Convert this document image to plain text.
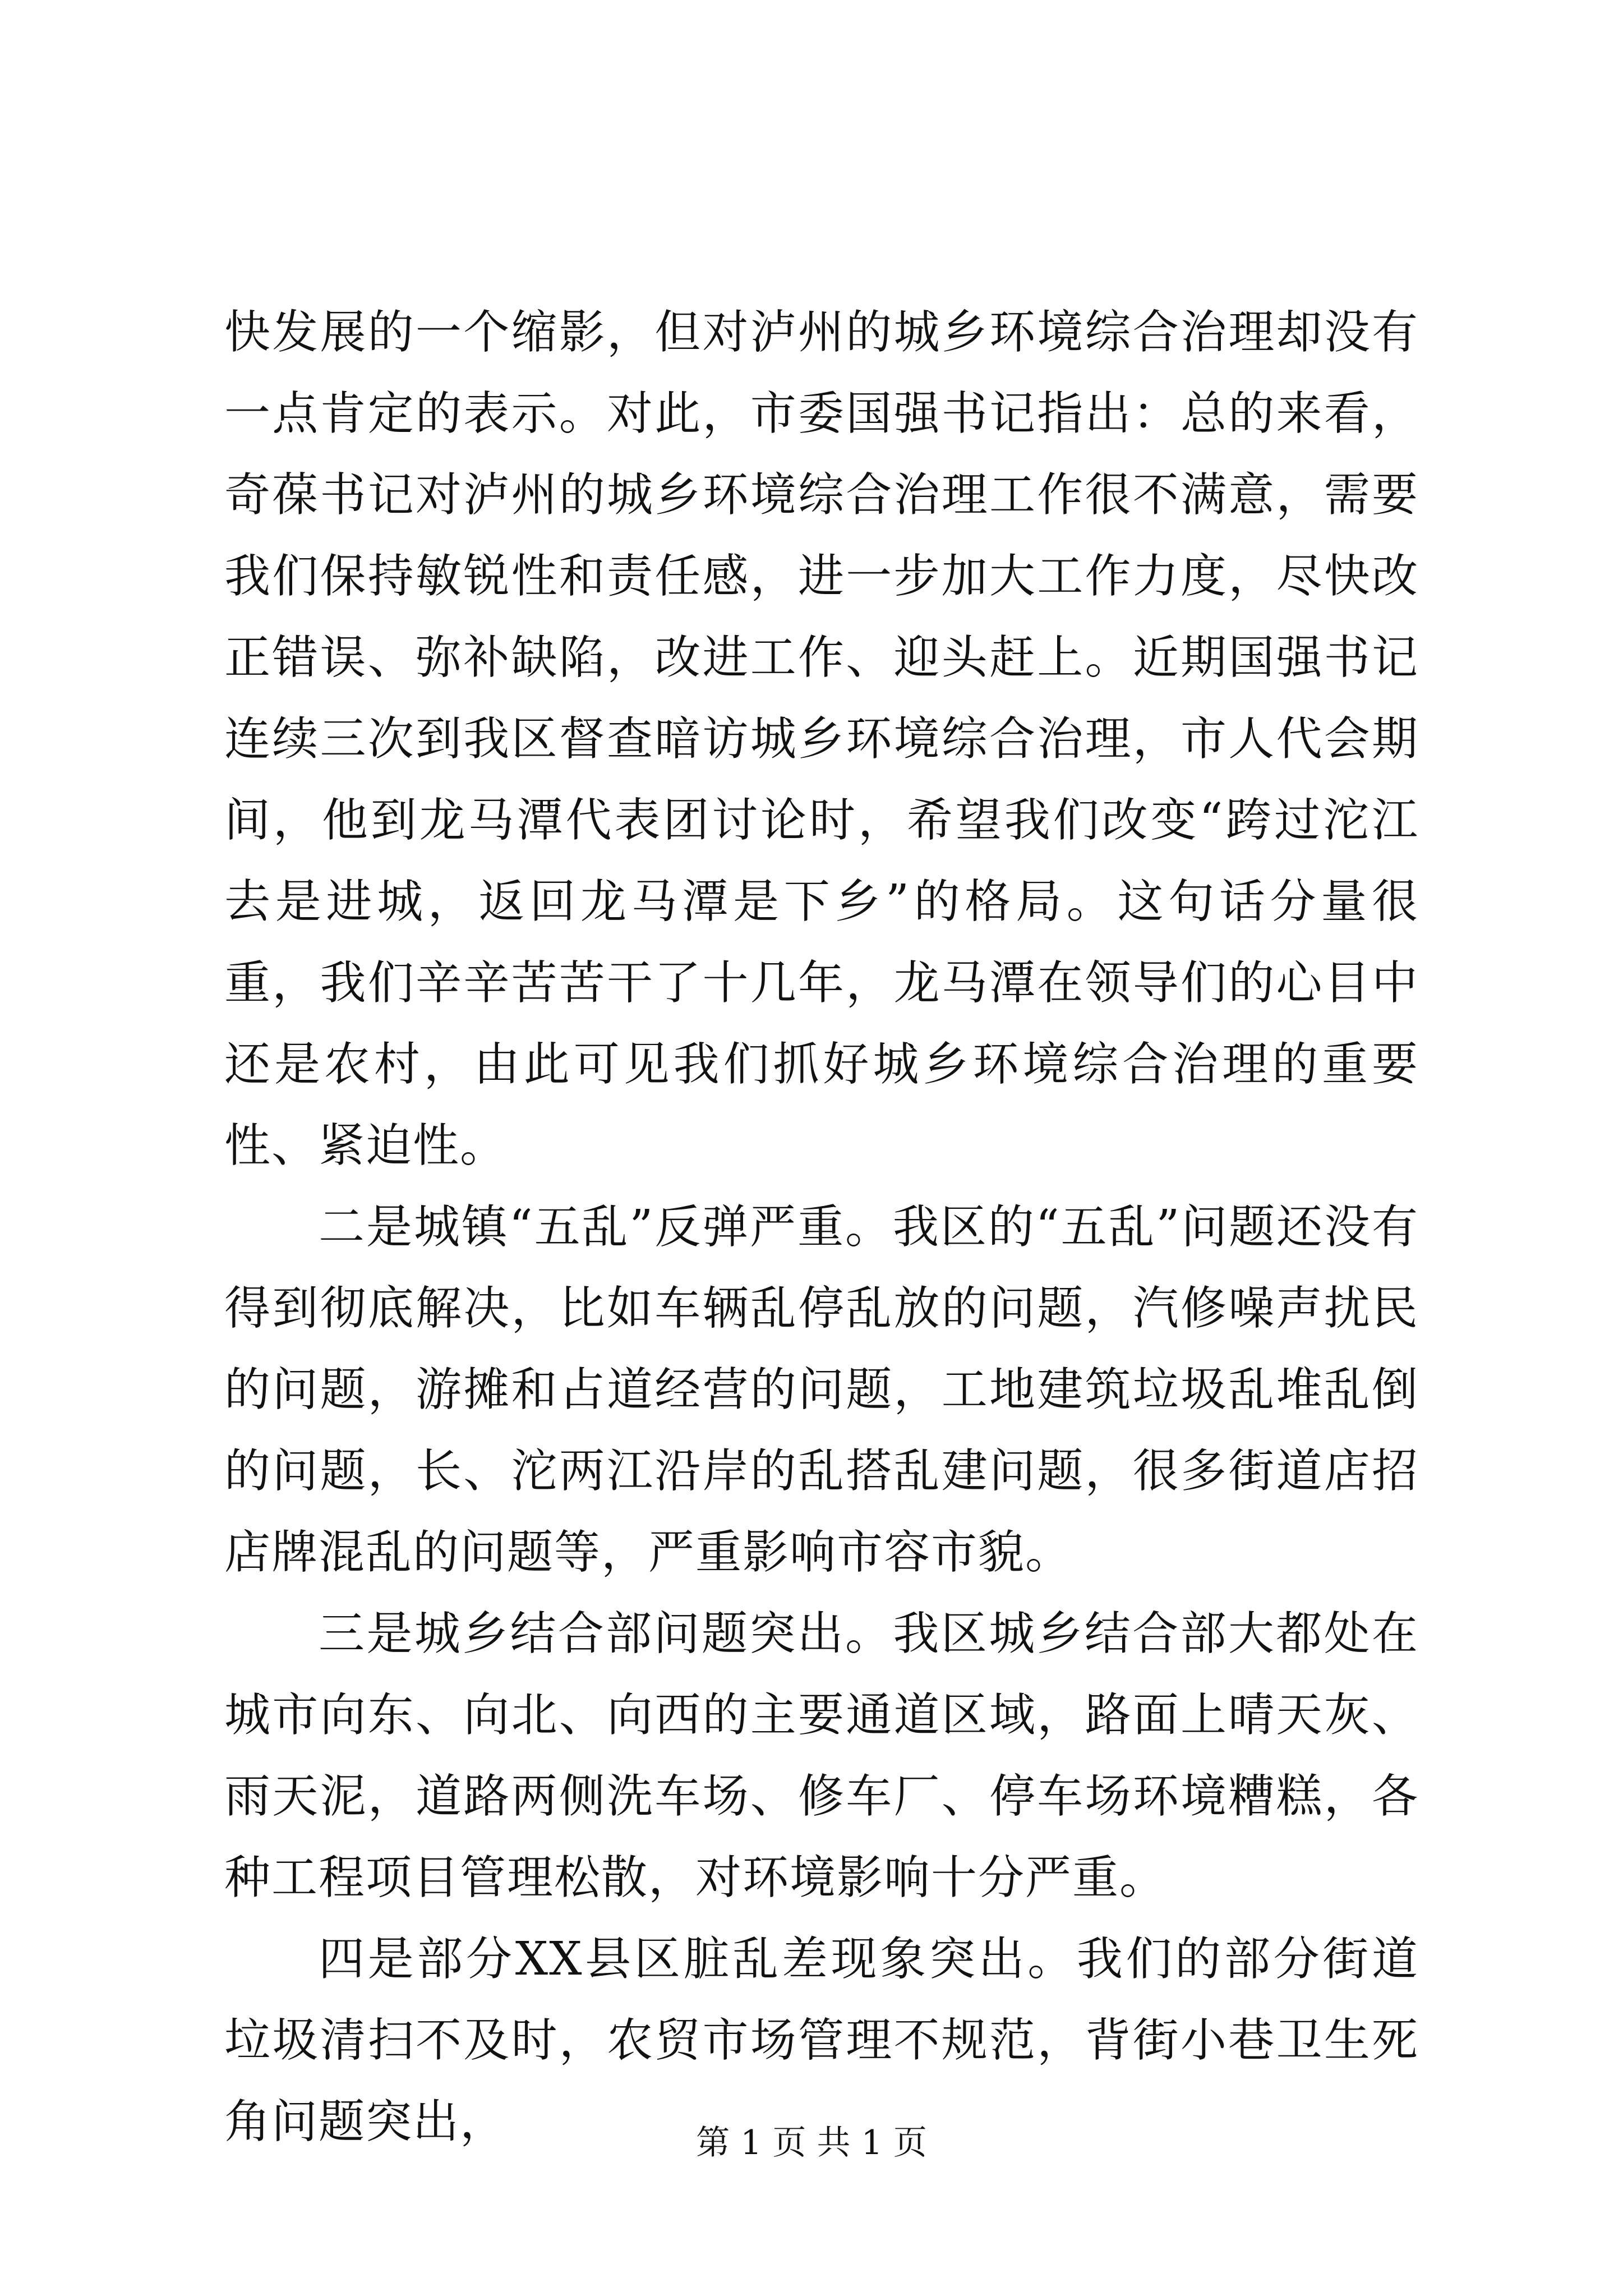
快发展的一个缩影，但对泸州的城乡环境综合治理却没有一点肯定的表示。对此，市委国强书记指出：总的来看，奇葆书记对泸州的城乡环境综合治理工作很不满意，需要我们保持敏锐性和责任感，进一步加大工作力度，尽快改正错误、弥补缺陷，改进工作、迎头赶上。近期国强书记连续三次到我区督查暗访城乡环境综合治理，市人代会期间，他到龙马潭代表团讨论时，希望我们改变“跨过沱江去是进城，返回龙马潭是下乡”的格局。这句话分量很重，我们辛辛苦苦干了十几年，龙马潭在领导们的心目中还是农村，由此可见我们抓好城乡环境综合治理的重要性、紧迫性。

二是城镇“五乱”反弹严重。我区的“五乱”问题还没有得到彻底解决，比如车辆乱停乱放的问题，汽修噪声扰民的问题，游摊和占道经营的问题，工地建筑垃圾乱堆乱倒的问题，长、沱两江沿岸的乱搭乱建问题，很多街道店招店牌混乱的问题等，严重影响市容市貌。

三是城乡结合部问题突出。我区城乡结合部大都处在城市向东、向北、向西的主要通道区域，路面上晴天灰、雨天泥，道路两侧洗车场、修车厂、停车场环境糟糕，各种工程项目管理松散，对环境影响十分严重。

四是部分XX县区脏乱差现象突出。我们的部分街道垃圾清扫不及时，农贸市场管理不规范，背街小巷卫生死角问题突出，	第 1 页 共 1 页
